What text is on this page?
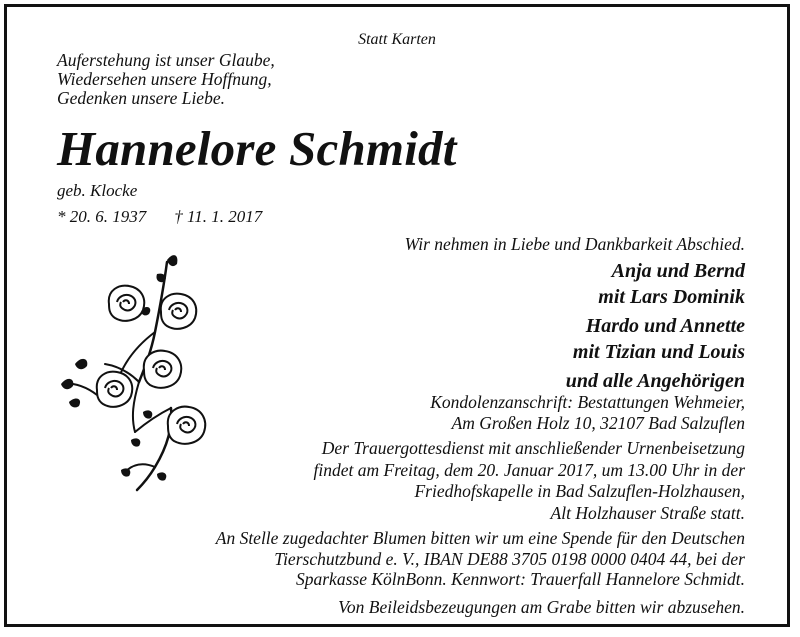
Statt Karten
Auferstehung ist unser Glaube,
Wiedersehen unsere Hoffnung,
Gedenken unsere Liebe.
Hannelore Schmidt
geb. Klocke
* 20. 6. 1937 † 11. 1. 2017
Wir nehmen in Liebe und Dankbarkeit Abschied.
Anja und Bernd
mit Lars Dominik
Hardo und Annette
mit Tizian und Louis
und alle Angehörigen
Kondolenzanschrift: Bestattungen Wehmeier,
Am Großen Holz 10, 32107 Bad Salzuflen
Der Trauergottesdienst mit anschließender Urnenbeisetzung
findet am Freitag, dem 20. Januar 2017, um 13.00 Uhr in der
Friedhofskapelle in Bad Salzuflen-Holzhausen,
Alt Holzhauser Straße statt.
An Stelle zugedachter Blumen bitten wir um eine Spende für den Deutschen
Tierschutzbund e. V., IBAN DE88 3705 0198 0000 0404 44, bei der
Sparkasse KölnBonn. Kennwort: Trauerfall Hannelore Schmidt.
Von Beileidsbezeugungen am Grabe bitten wir abzusehen.
